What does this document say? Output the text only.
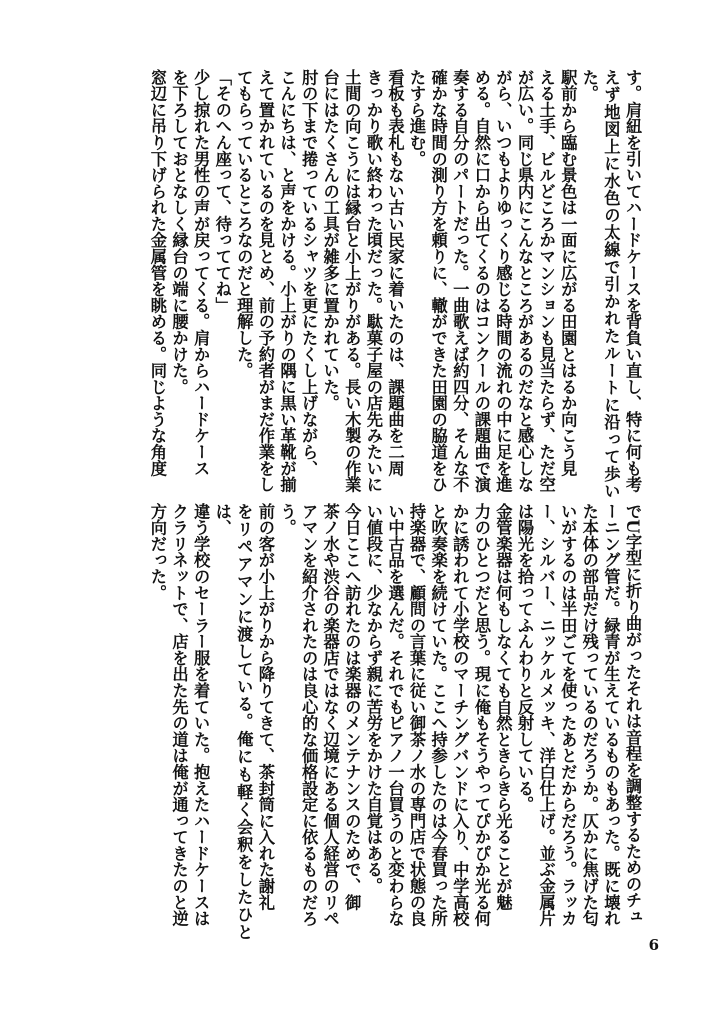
す。肩紐を引いてハードケースを背負い直し、特に何も考

えず地図上に水色の太線で引かれたルートに沿って歩いた。

駅前から臨む景色は一面に広がる田園とはるか向こう見

える土手、ビルどころかマンションも見当たらず、ただ空

が広い。同じ県内にこんなところがあるのだなと感心しな

がら、いつもよりゆっくり感じる時間の流れの中に足を進

める。自然に口から出てくるのはコンクールの課題曲で演

奏する自分のパートだった。一曲歌えば約四分、そんな不

確かな時間の測り方を頼りに、轍ができた田園の脇道をひ

たすら進む。

看板も表札もない古い民家に着いたのは、課題曲を二周

きっかり歌い終わった頃だった。駄菓子屋の店先みたいに

土間の向こうには縁台と小上がりがある。長い木製の作業

台にはたくさんの工具が雑多に置かれていた。

肘の下まで捲っているシャツを更にたくし上げながら、

こんにちは、と声をかける。小上がりの隅に黒い革靴が揃

えて置かれているのを見とめ、前の予約者がまだ作業をし

てもらっているところなのだと理解した。

「そのへん座って、待っててね」

少し掠れた男性の声が戻ってくる。肩からハードケース

を下ろしておとなしく縁台の端に腰かけた。

窓辺に吊り下げられた金属管を眺める。同じような角度

でU字型に折り曲がったそれは音程を調整するためのチュ

ーニング管だ。緑青が生えているものもあった。既に壊れ

た本体の部品だけ残っているのだろうか。仄かに焦げた匂

いがするのは半田ごてを使ったあとだからだろう。ラッカ

ー、シルバー、ニッケルメッキ、洋白仕上げ。並ぶ金属片

は陽光を拾ってふんわりと反射している。

金管楽器は何もしなくても自然ときらきら光ることが魅

力のひとつだと思う。現に俺もそうやってぴかぴか光る何

かに誘われて小学校のマーチングバンドに入り、中学高校

と吹奏楽を続けていた。ここへ持参したのは今春買った所

持楽器で、顧問の言葉に従い御茶ノ水の専門店で状態の良

い中古品を選んだ。それでもピアノ一台買うのと変わらな

い値段に、少なからず親に苦労をかけた自覚はある。

今日ここへ訪れたのは楽器のメンテナンスのためで、御

茶ノ水や渋谷の楽器店ではなく辺境にある個人経営のリペ

アマンを紹介されたのは良心的な価格設定に依るものだろ

う。

前の客が小上がりから降りてきて、茶封筒に入れた謝礼

をリペアマンに渡している。俺にも軽く会釈をしたひとは、

違う学校のセーラー服を着ていた。抱えたハードケースは

クラリネットで、店を出た先の道は俺が通ってきたのと逆

方向だった。

6
